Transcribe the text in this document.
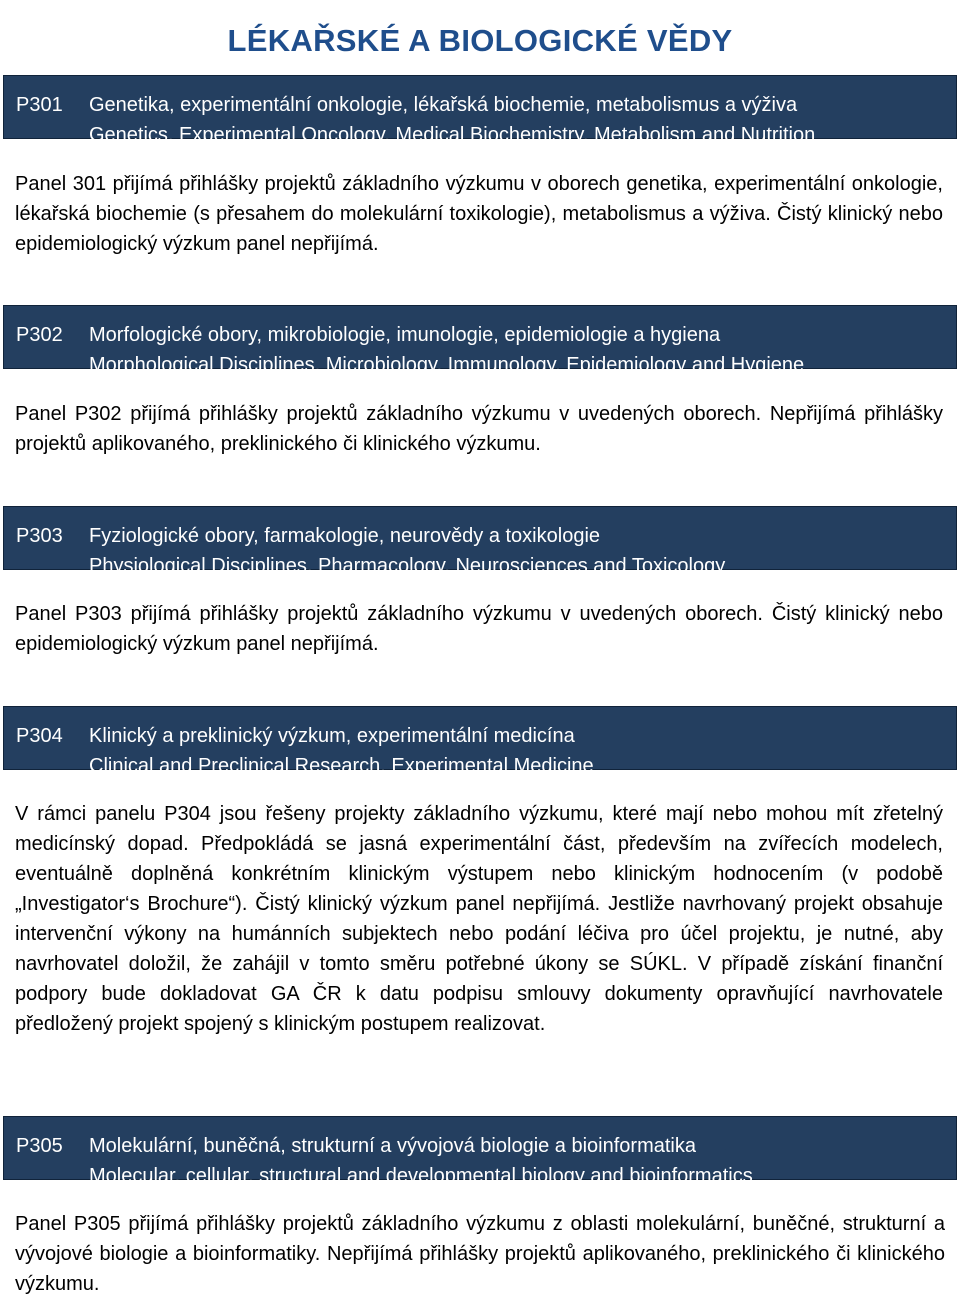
LÉKAŘSKÉ A BIOLOGICKÉ VĚDY
P301 Genetika, experimentální onkologie, lékařská biochemie, metabolismus a výživa
Genetics, Experimental Oncology, Medical Biochemistry, Metabolism and Nutrition

Panel 301 přijímá přihlášky projektů základního výzkumu v oborech genetika, experimentální onkologie, lékařská biochemie (s přesahem do molekulární toxikologie), metabolismus a výživa. Čistý klinický nebo epidemiologický výzkum panel nepřijímá.

P302 Morfologické obory, mikrobiologie, imunologie, epidemiologie a hygiena
Morphological Disciplines, Microbiology, Immunology, Epidemiology and Hygiene

Panel P302 přijímá přihlášky projektů základního výzkumu v uvedených oborech. Nepřijímá přihlášky projektů aplikovaného, preklinického či klinického výzkumu.

P303 Fyziologické obory, farmakologie, neurovědy a toxikologie
Physiological Disciplines, Pharmacology, Neurosciences and Toxicology

Panel P303 přijímá přihlášky projektů základního výzkumu v uvedených oborech. Čistý klinický nebo epidemiologický výzkum panel nepřijímá.

P304 Klinický a preklinický výzkum, experimentální medicína
Clinical and Preclinical Research, Experimental Medicine

V rámci panelu P304 jsou řešeny projekty základního výzkumu, které mají nebo mohou mít zřetelný medicínský dopad. Předpokládá se jasná experimentální část, především na zvířecích modelech, eventuálně doplněná konkrétním klinickým výstupem nebo klinickým hodnocením (v podobě „Investigator‘s Brochure“). Čistý klinický výzkum panel nepřijímá. Jestliže navrhovaný projekt obsahuje intervenční výkony na humánních subjektech nebo podání léčiva pro účel projektu, je nutné, aby navrhovatel doložil, že zahájil v tomto směru potřebné úkony se SÚKL. V případě získání finanční podpory bude dokladovat GA ČR k datu podpisu smlouvy dokumenty opravňující navrhovatele předložený projekt spojený s klinickým postupem realizovat.

P305 Molekulární, buněčná, strukturní a vývojová biologie a bioinformatika
Molecular, cellular, structural and developmental biology and bioinformatics

Panel P305 přijímá přihlášky projektů základního výzkumu z oblasti molekulární, buněčné, strukturní a vývojové biologie a bioinformatiky. Nepřijímá přihlášky projektů aplikovaného, preklinického či klinického výzkumu.
